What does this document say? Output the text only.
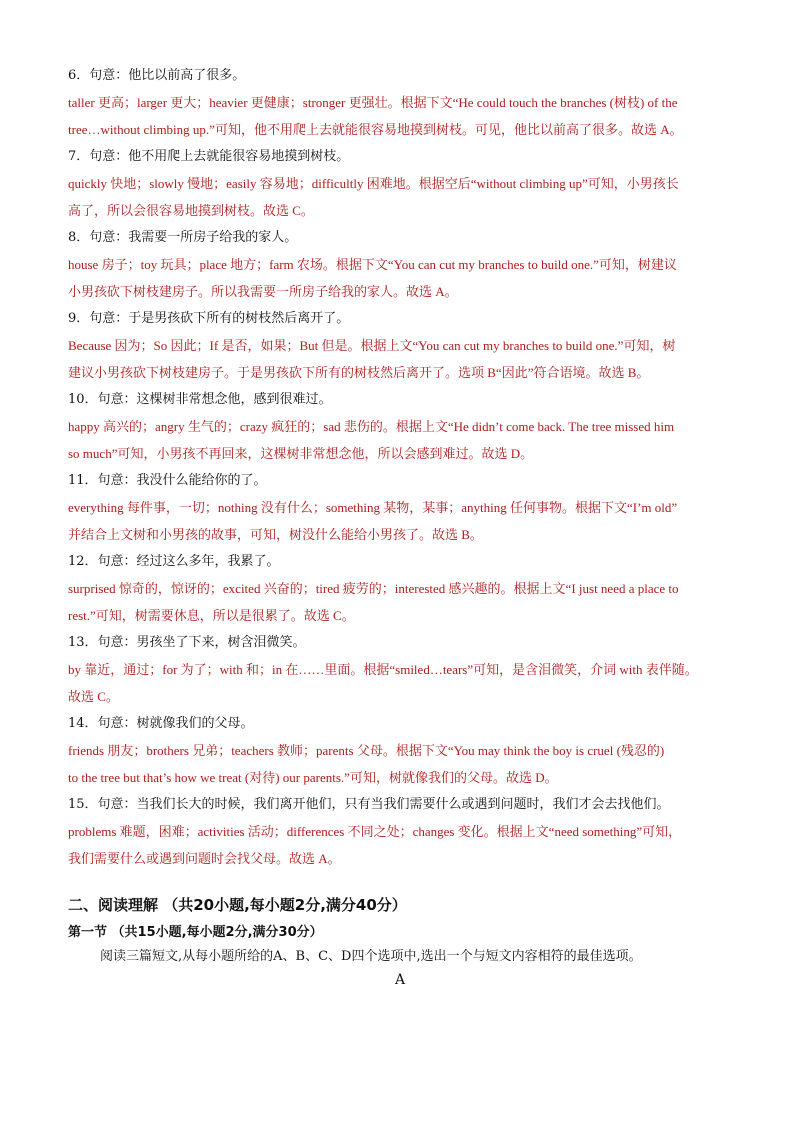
6．句意：他比以前高了很多。

taller 更高；larger 更大；heavier 更健康；stronger 更强壮。根据下文“He could touch the branches (树枝) of the

tree…without climbing up.”可知，他不用爬上去就能很容易地摸到树枝。可见，他比以前高了很多。故选 A。

7．句意：他不用爬上去就能很容易地摸到树枝。

quickly 快地；slowly 慢地；easily 容易地；difficultly 困难地。根据空后“without climbing up”可知，小男孩长

高了，所以会很容易地摸到树枝。故选 C。

8．句意：我需要一所房子给我的家人。

house 房子；toy 玩具；place 地方；farm 农场。根据下文“You can cut my branches to build one.”可知，树建议

小男孩砍下树枝建房子。所以我需要一所房子给我的家人。故选 A。

9．句意：于是男孩砍下所有的树枝然后离开了。

Because 因为；So 因此；If 是否，如果；But 但是。根据上文“You can cut my branches to build one.”可知，树

建议小男孩砍下树枝建房子。于是男孩砍下所有的树枝然后离开了。选项 B“因此”符合语境。故选 B。

10．句意：这棵树非常想念他，感到很难过。

happy 高兴的；angry 生气的；crazy 疯狂的；sad 悲伤的。根据上文“He didn’t come back. The tree missed him

so much”可知，小男孩不再回来，这棵树非常想念他，所以会感到难过。故选 D。

11．句意：我没什么能给你的了。

everything 每件事，一切；nothing 没有什么；something 某物，某事；anything 任何事物。根据下文“I’m old”

并结合上文树和小男孩的故事，可知，树没什么能给小男孩了。故选 B。

12．句意：经过这么多年，我累了。

surprised 惊奇的，惊讶的；excited 兴奋的；tired 疲劳的；interested 感兴趣的。根据上文“I just need a place to

rest.”可知，树需要休息，所以是很累了。故选 C。

13．句意：男孩坐了下来，树含泪微笑。

by 靠近，通过；for 为了；with 和；in 在……里面。根据“smiled…tears”可知，是含泪微笑，介词 with 表伴随。

故选 C。

14．句意：树就像我们的父母。

friends 朋友；brothers 兄弟；teachers 教师；parents 父母。根据下文“You may think the boy is cruel (残忍的)

to the tree but that’s how we treat (对待) our parents.”可知，树就像我们的父母。故选 D。

15．句意：当我们长大的时候，我们离开他们，只有当我们需要什么或遇到问题时，我们才会去找他们。

problems 难题，困难；activities 活动；differences 不同之处；changes 变化。根据上文“need something”可知，

我们需要什么或遇到问题时会找父母。故选 A。

二、阅读理解 （共20小题,每小题2分,满分40分）
第一节 （共15小题,每小题2分,满分30分）

阅读三篇短文,从每小题所给的A、B、C、D四个选项中,选出一个与短文内容相符的最佳选项。

A
